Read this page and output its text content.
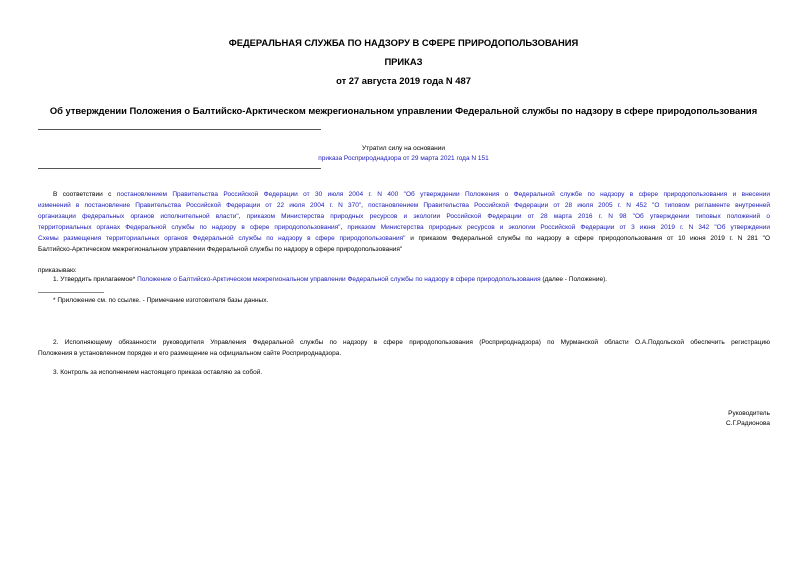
ФЕДЕРАЛЬНАЯ СЛУЖБА ПО НАДЗОРУ В СФЕРЕ ПРИРОДОПОЛЬЗОВАНИЯ
ПРИКАЗ
от 27 августа 2019 года N 487
Об утверждении Положения о Балтийско-Арктическом межрегиональном управлении Федеральной службы по надзору в сфере природопользования
Утратил силу на основании
приказа Росприроднадзора от 29 марта 2021 года N 151
В соответствии с постановлением Правительства Российской Федерации от 30 июля 2004 г. N 400 "Об утверждении Положения о Федеральной службе по надзору в сфере природопользования и внесении
изменений в постановление Правительства Российской Федерации от 22 июля 2004 г. N 370", постановлением Правительства Российской Федерации от 28 июля 2005 г. N 452 "О типовом регламенте внутренней
организации федеральных органов исполнительной власти", приказом Министерства природных ресурсов и экологии Российской Федерации от 28 марта 2016 г. N 98 "Об утверждении типовых положений о
территориальных органах Федеральной службы по надзору в сфере природопользования", приказом Министерства природных ресурсов и экологии Российской Федерации от 3 июня 2019 г. N 342 "Об утверждении
Схемы размещения территориальных органов Федеральной службы по надзору в сфере природопользования" и приказом Федеральной службы по надзору в сфере природопользования от 10 июня 2019 г. N 281 "О
Балтийско-Арктическом межрегиональном управлении Федеральной службы по надзору в сфере природопользования"
приказываю:
1. Утвердить прилагаемое* Положение о Балтийско-Арктическом межрегиональном управлении Федеральной службы по надзору в сфере природопользования (далее - Положение).
* Приложение см. по ссылке. - Примечание изготовителя базы данных.
2. Исполняющему обязанности руководителя Управления Федеральной службы по надзору в сфере природопользования (Росприроднадзора) по Мурманской области О.А.Подольской обеспечить регистрацию
Положения в установленном порядке и его размещение на официальном сайте Росприроднадзора.
3. Контроль за исполнением настоящего приказа оставляю за собой.
Руководитель
С.Г.Радионова
